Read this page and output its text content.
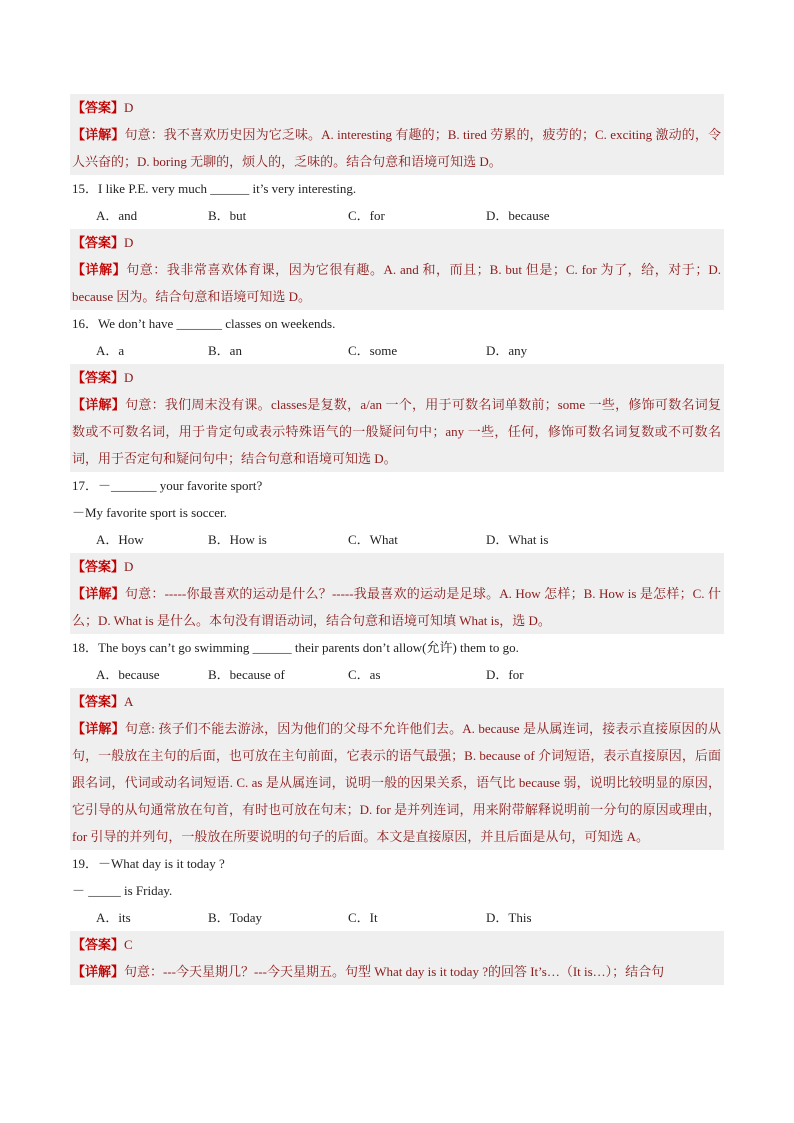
【答案】D
【详解】句意：我不喜欢历史因为它乏味。A. interesting 有趣的；B. tired 劳累的，疲劳的；C. exciting 激动的，令人兴奋的；D. boring 无聊的，烦人的，乏味的。结合句意和语境可知选 D。
15．I like P.E. very much ______ it’s very interesting.
A．and	B．but	C．for	D．because
【答案】D
【详解】句意：我非常喜欢体育课，因为它很有趣。A. and 和，而且；B. but 但是；C. for 为了，给，对于；D. because 因为。结合句意和语境可知选 D。
16．We don’t have _______ classes on weekends.
A．a	B．an	C．some	D．any
【答案】D
【详解】句意：我们周末没有课。classes是复数，a/an 一个，用于可数名词单数前；some 一些，修饰可数名词复数或不可数名词，用于肯定句或表示特殊语气的一般疑问句中；any 一些，任何，修饰可数名词复数或不可数名词，用于否定句和疑问句中；结合句意和语境可知选 D。
17．－_______ your favorite sport?
－My favorite sport is soccer.
A．How	B．How is	C．What	D．What is
【答案】D
【详解】句意：-----你最喜欢的运动是什么？-----我最喜欢的运动是足球。A. How 怎样；B. How is 是怎样；C. 什么；D. What is 是什么。本句没有谓语动词，结合句意和语境可知填 What is，选 D。
18．The boys can’t go swimming ______ their parents don’t allow(允许) them to go.
A．because	B．because of	C．as	D．for
【答案】A
【详解】句意: 孩子们不能去游泳，因为他们的父母不允许他们去。A. because 是从属连词，接表示直接原因的从句，一般放在主句的后面，也可放在主句前面，它表示的语气最强；B. because of 介词短语，表示直接原因，后面跟名词，代词或动名词短语. C. as 是从属连词，说明一般的因果关系，语气比 because 弱，说明比较明显的原因，它引导的从句通常放在句首，有时也可放在句末；D. for 是并列连词，用来附带解释说明前一分句的原因或理由，for 引导的并列句，一般放在所要说明的句子的后面。本文是直接原因，并且后面是从句，可知选 A。
19．－What day is it today ?
－ _____ is Friday.
A．its	B．Today	C．It	D．This
【答案】C
【详解】句意：---今天星期几？---今天星期五。句型 What day is it today ?的回答 It’s…（It is…）；结合句
